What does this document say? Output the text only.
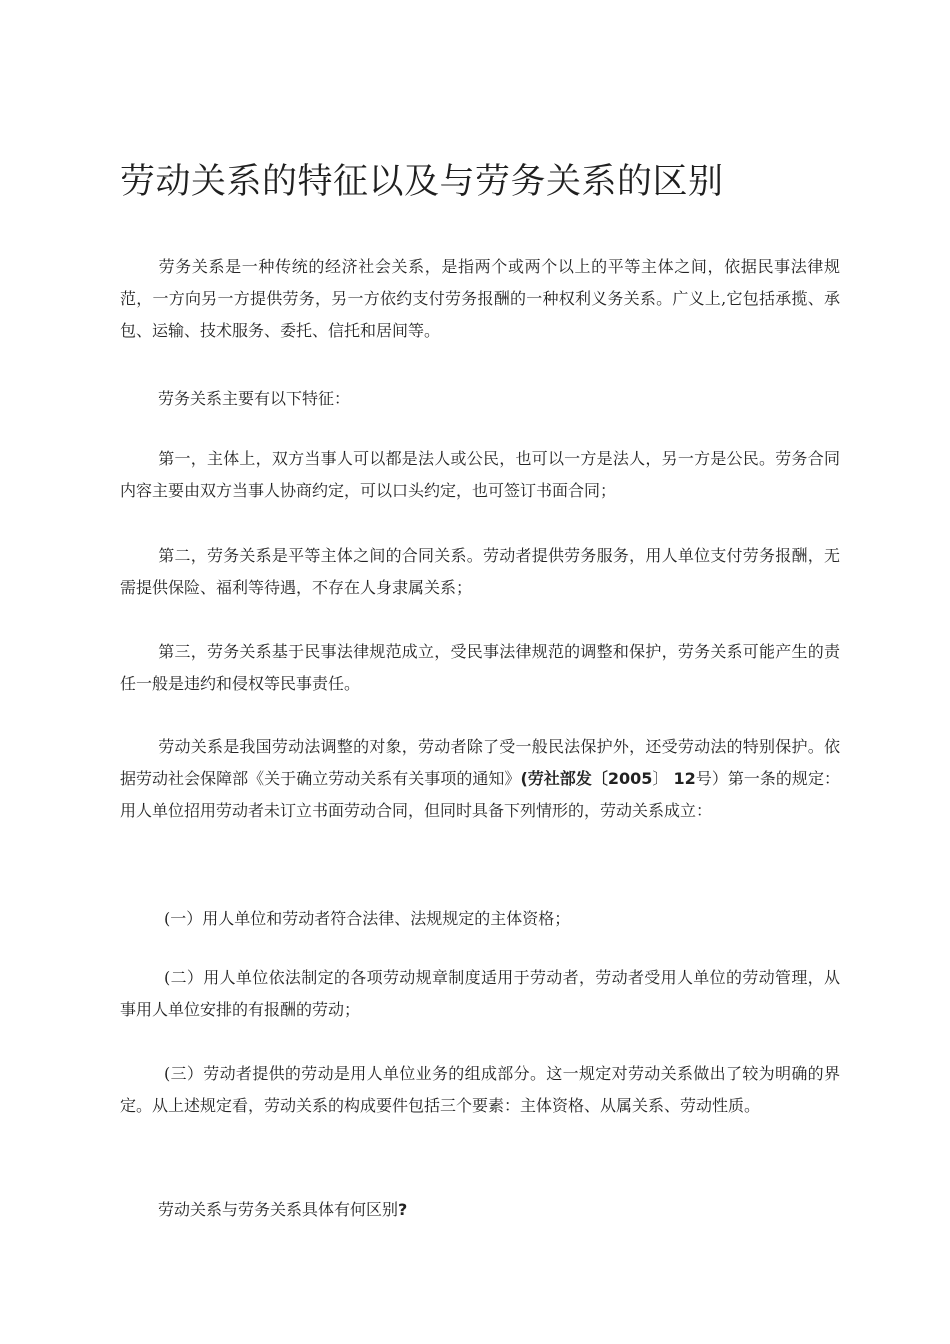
劳动关系的特征以及与劳务关系的区别

劳务关系是一种传统的经济社会关系，是指两个或两个以上的平等主体之间，依据民事法律规范，一方向另一方提供劳务，另一方依约支付劳务报酬的一种权利义务关系。广义上,它包括承揽、承包、运输、技术服务、委托、信托和居间等。

劳务关系主要有以下特征：

第一，主体上，双方当事人可以都是法人或公民，也可以一方是法人，另一方是公民。劳务合同内容主要由双方当事人协商约定，可以口头约定，也可签订书面合同；

第二，劳务关系是平等主体之间的合同关系。劳动者提供劳务服务，用人单位支付劳务报酬，无需提供保险、福利等待遇，不存在人身隶属关系；

第三，劳务关系基于民事法律规范成立，受民事法律规范的调整和保护，劳务关系可能产生的责任一般是违约和侵权等民事责任。

劳动关系是我国劳动法调整的对象，劳动者除了受一般民法保护外，还受劳动法的特别保护。依据劳动社会保障部《关于确立劳动关系有关事项的通知》(劳社部发〔2005〕 12号）第一条的规定：用人单位招用劳动者未订立书面劳动合同，但同时具备下列情形的，劳动关系成立：

(一）用人单位和劳动者符合法律、法规规定的主体资格；

(二）用人单位依法制定的各项劳动规章制度适用于劳动者，劳动者受用人单位的劳动管理，从事用人单位安排的有报酬的劳动；

(三）劳动者提供的劳动是用人单位业务的组成部分。这一规定对劳动关系做出了较为明确的界定。从上述规定看，劳动关系的构成要件包括三个要素：主体资格、从属关系、劳动性质。

劳动关系与劳务关系具体有何区别?
